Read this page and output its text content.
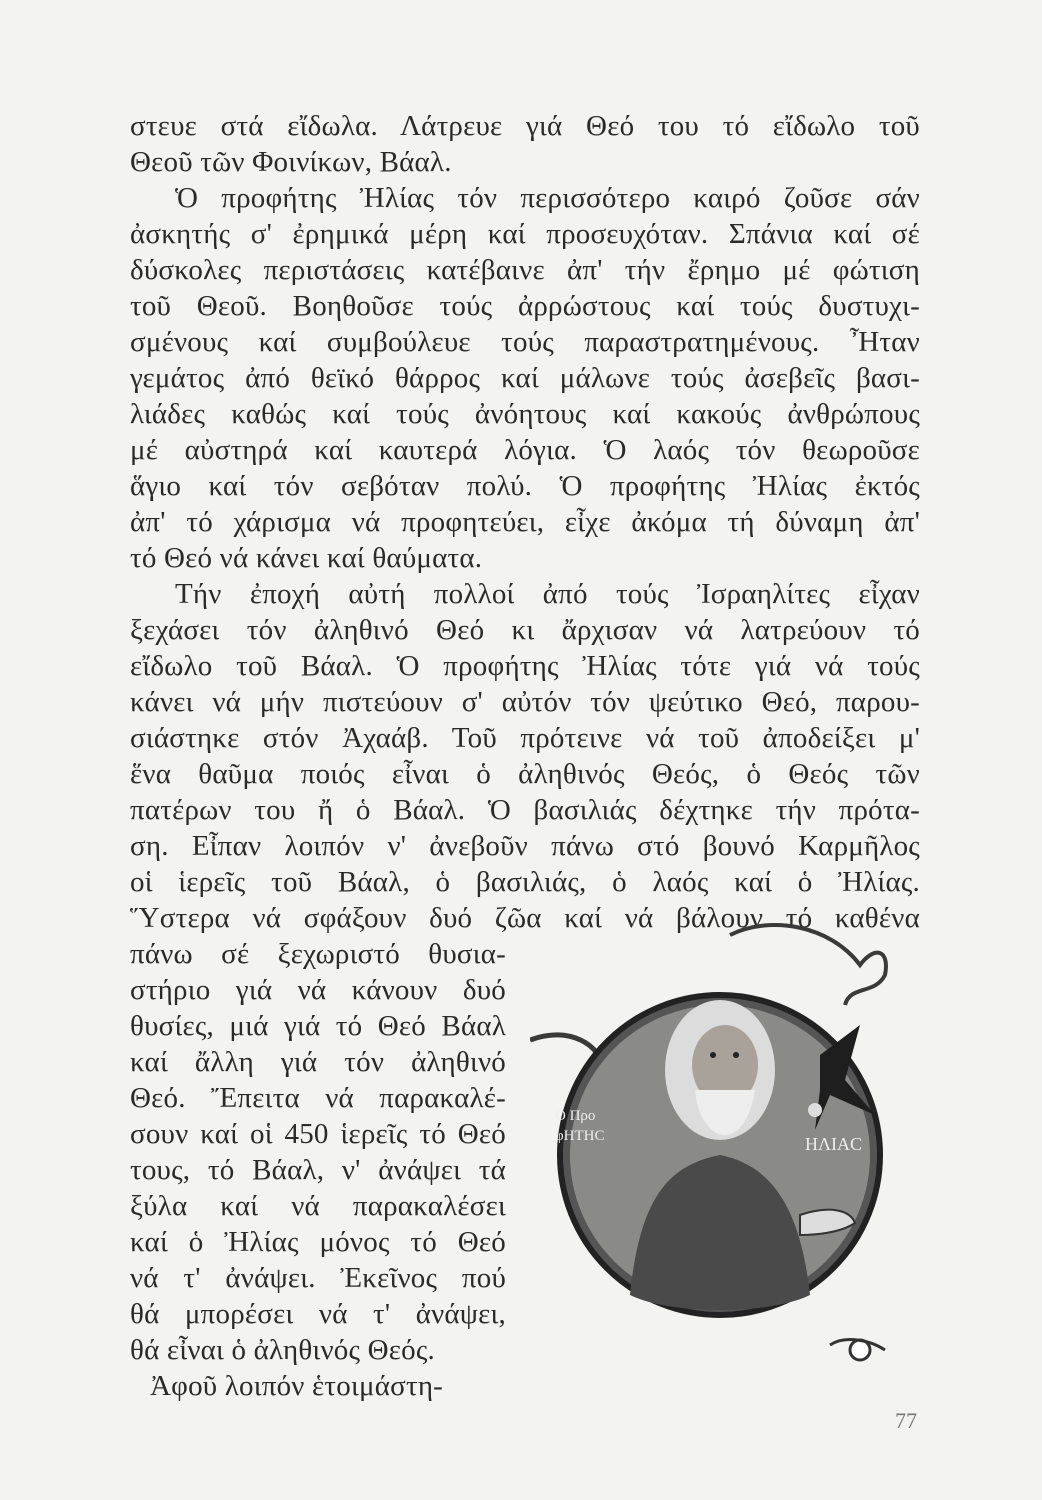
στευε στά εἴδωλα. Λάτρευε γιά Θεό του τό εἴδωλο τοῦ
Θεοῦ τῶν Φοινίκων, Βάαλ.
Ὁ προφήτης Ἠλίας τόν περισσότερο καιρό ζοῦσε σάν
ἀσκητής σ' ἐρημικά μέρη καί προσευχόταν. Σπάνια καί σέ
δύσκολες περιστάσεις κατέβαινε ἀπ' τήν ἔρημο μέ φώτιση
τοῦ Θεοῦ. Βοηθοῦσε τούς ἀρρώστους καί τούς δυστυχι-
σμένους καί συμβούλευε τούς παραστρατημένους. Ἦταν
γεμάτος ἀπό θεϊκό θάρρος καί μάλωνε τούς ἀσεβεῖς βασι-
λιάδες καθώς καί τούς ἀνόητους καί κακούς ἀνθρώπους
μέ αὐστηρά καί καυτερά λόγια. Ὁ λαός τόν θεωροῦσε
ἅγιο καί τόν σεβόταν πολύ. Ὁ προφήτης Ἠλίας ἐκτός
ἀπ' τό χάρισμα νά προφητεύει, εἶχε ἀκόμα τή δύναμη ἀπ'
τό Θεό νά κάνει καί θαύματα.
Τήν ἐποχή αὐτή πολλοί ἀπό τούς Ἰσραηλίτες εἶχαν
ξεχάσει τόν ἀληθινό Θεό κι ἄρχισαν νά λατρεύουν τό
εἴδωλο τοῦ Βάαλ. Ὁ προφήτης Ἠλίας τότε γιά νά τούς
κάνει νά μήν πιστεύουν σ' αὐτόν τόν ψεύτικο Θεό, παρου-
σιάστηκε στόν Ἀχαάβ. Τοῦ πρότεινε νά τοῦ ἀποδείξει μ'
ἕνα θαῦμα ποιός εἶναι ὁ ἀληθινός Θεός, ὁ Θεός τῶν
πατέρων του ἤ ὁ Βάαλ. Ὁ βασιλιάς δέχτηκε τήν πρότα-
ση. Εἶπαν λοιπόν ν' ἀνεβοῦν πάνω στό βουνό Καρμῆλος
οἱ ἱερεῖς τοῦ Βάαλ, ὁ βασιλιάς, ὁ λαός καί ὁ Ἠλίας.
Ὕστερα νά σφάξουν δυό ζῶα καί νά βάλουν τό καθένα
πάνω σέ ξεχωριστό θυσια-
στήριο γιά νά κάνουν δυό
θυσίες, μιά γιά τό Θεό Βάαλ
καί ἄλλη γιά τόν ἀληθινό
Θεό. Ἔπειτα νά παρακαλέ-
σουν καί οἱ 450 ἱερεῖς τό Θεό
τους, τό Βάαλ, ν' ἀνάψει τά
ξύλα καί νά παρακαλέσει
καί ὁ Ἠλίας μόνος τό Θεό
νά τ' ἀνάψει. Ἐκεῖνος πού
θά μπορέσει νά τ' ἀνάψει,
θά εἶναι ὁ ἀληθινός Θεός.
Ἀφοῦ λοιπόν ἑτοιμάστη-
Ο Προ
φΗΤΗC	ΗΛΙΑC
77
